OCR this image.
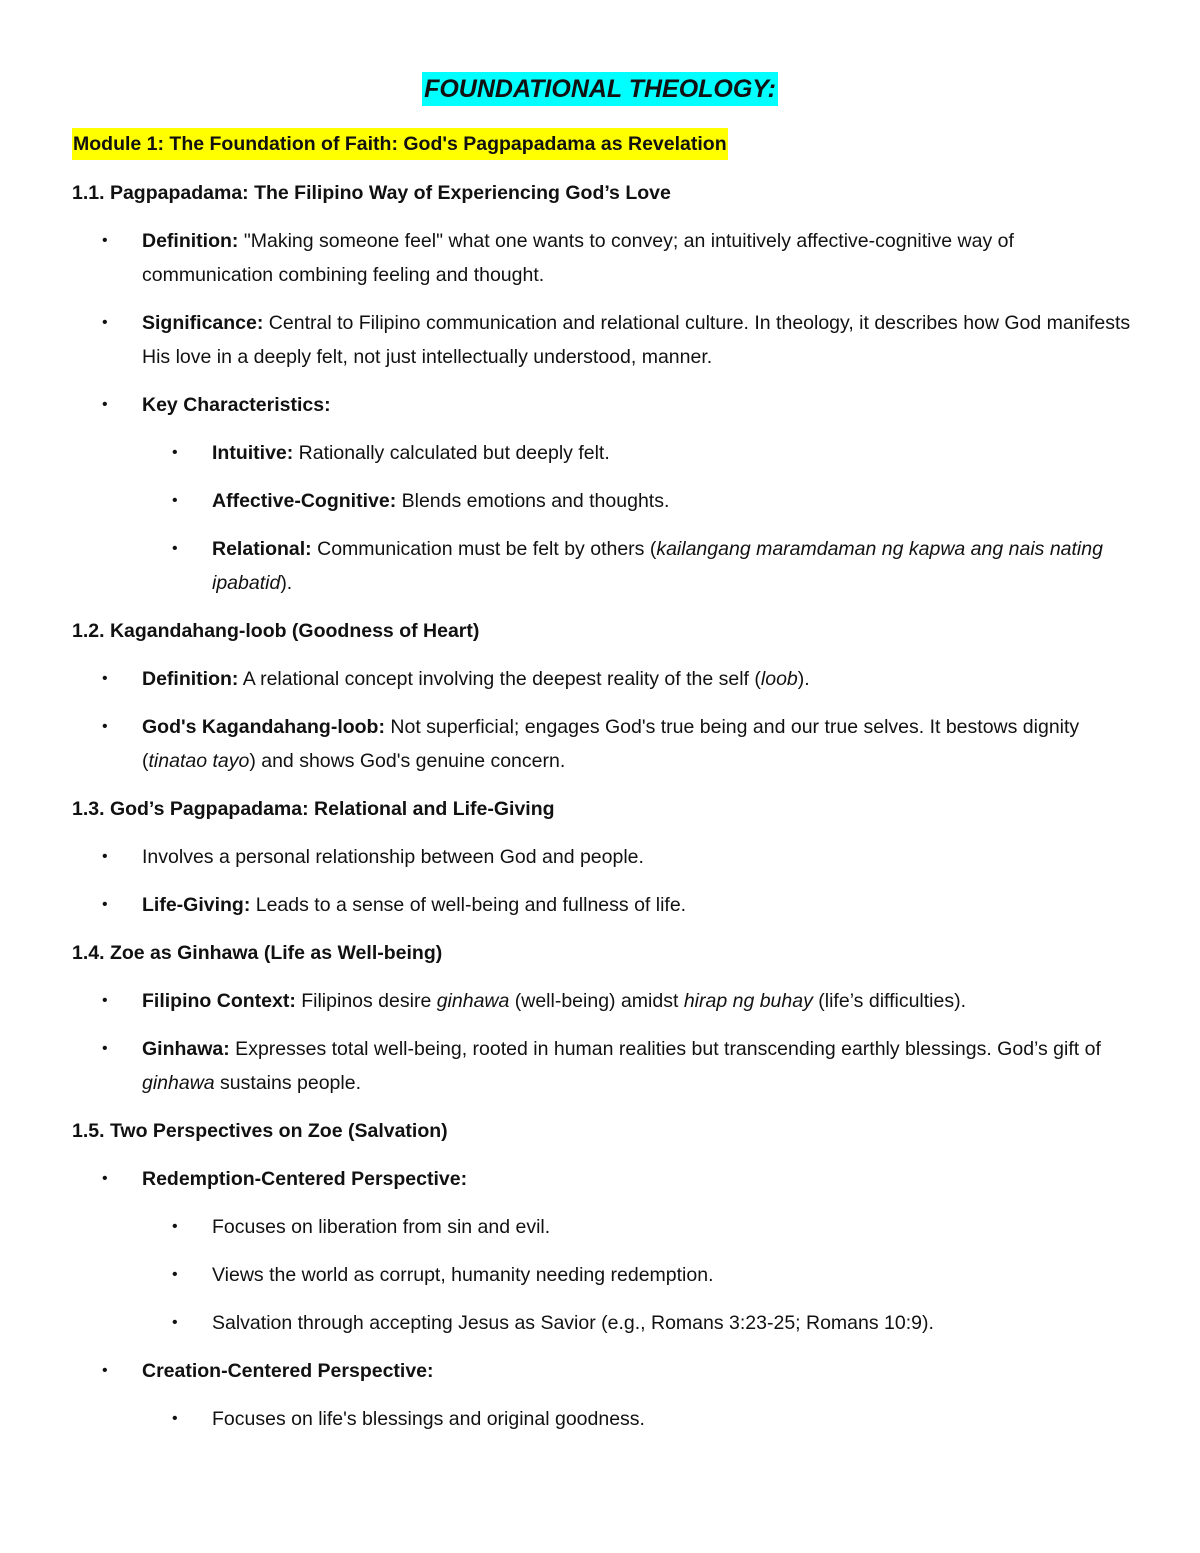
FOUNDATIONAL THEOLOGY:
Module 1: The Foundation of Faith: God's Pagpapadama as Revelation
1.1. Pagpapadama: The Filipino Way of Experiencing God’s Love
• Definition: "Making someone feel" what one wants to convey; an intuitively affective-cognitive way of communication combining feeling and thought.
• Significance: Central to Filipino communication and relational culture. In theology, it describes how God manifests His love in a deeply felt, not just intellectually understood, manner.
• Key Characteristics:
• Intuitive: Rationally calculated but deeply felt.
• Affective-Cognitive: Blends emotions and thoughts.
• Relational: Communication must be felt by others (kailangang maramdaman ng kapwa ang nais nating ipabatid).
1.2. Kagandahang-loob (Goodness of Heart)
• Definition: A relational concept involving the deepest reality of the self (loob).
• God's Kagandahang-loob: Not superficial; engages God's true being and our true selves. It bestows dignity (tinatao tayo) and shows God's genuine concern.
1.3. God’s Pagpapadama: Relational and Life-Giving
• Involves a personal relationship between God and people.
• Life-Giving: Leads to a sense of well-being and fullness of life.
1.4. Zoe as Ginhawa (Life as Well-being)
• Filipino Context: Filipinos desire ginhawa (well-being) amidst hirap ng buhay (life’s difficulties).
• Ginhawa: Expresses total well-being, rooted in human realities but transcending earthly blessings. God’s gift of ginhawa sustains people.
1.5. Two Perspectives on Zoe (Salvation)
• Redemption-Centered Perspective:
• Focuses on liberation from sin and evil.
• Views the world as corrupt, humanity needing redemption.
• Salvation through accepting Jesus as Savior (e.g., Romans 3:23-25; Romans 10:9).
• Creation-Centered Perspective:
• Focuses on life's blessings and original goodness.
